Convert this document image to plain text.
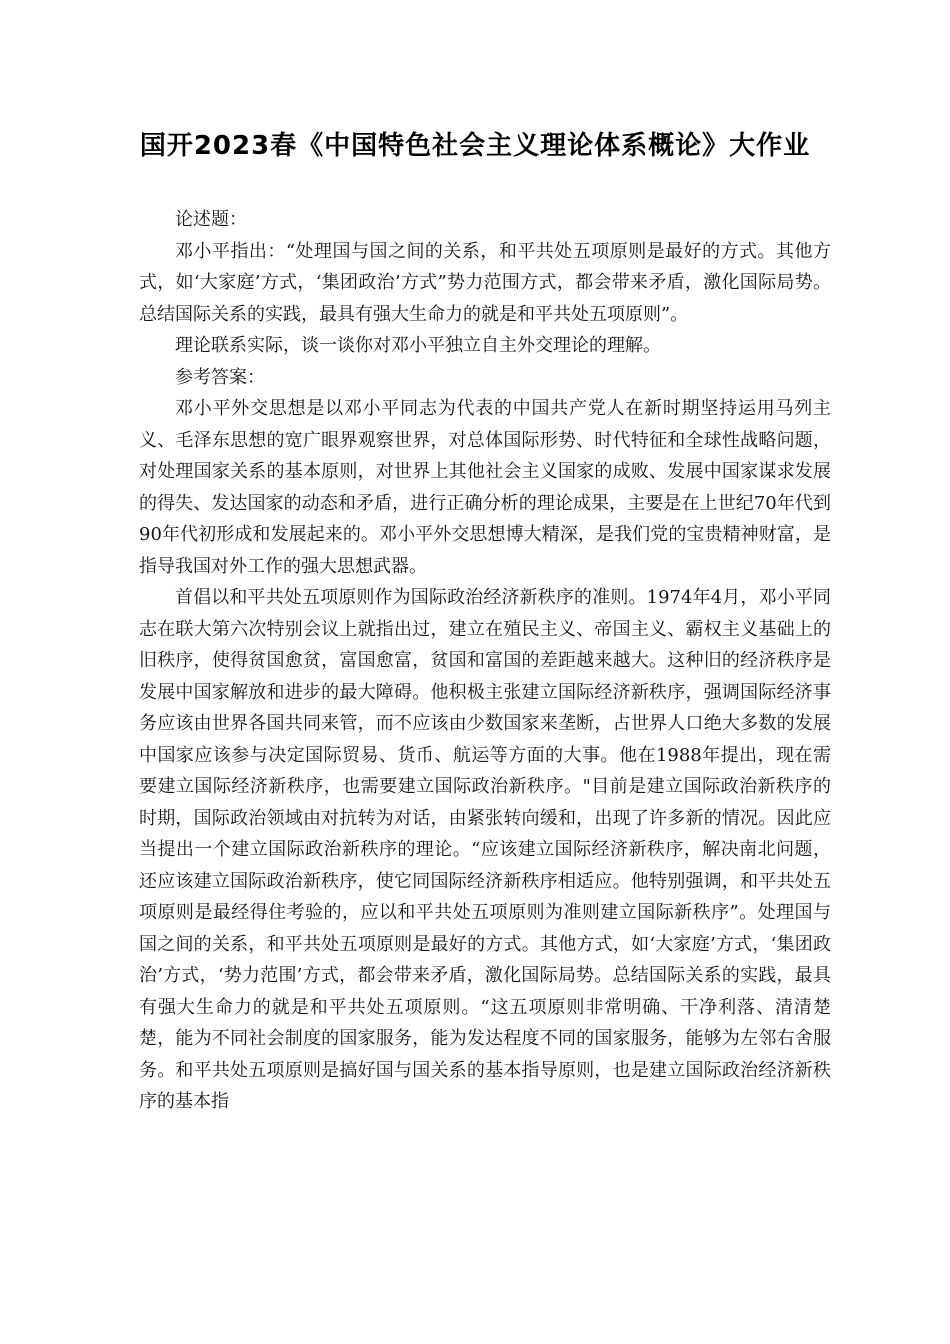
国开2023春《中国特色社会主义理论体系概论》大作业

论述题：

邓小平指出：“处理国与国之间的关系，和平共处五项原则是最好的方式。其他方式，如‘大家庭’方式，‘集团政治’方式”势力范围方式，都会带来矛盾，激化国际局势。总结国际关系的实践，最具有强大生命力的就是和平共处五项原则”。

理论联系实际，谈一谈你对邓小平独立自主外交理论的理解。

参考答案：

邓小平外交思想是以邓小平同志为代表的中国共产党人在新时期坚持运用马列主义、毛泽东思想的宽广眼界观察世界，对总体国际形势、时代特征和全球性战略问题，对处理国家关系的基本原则，对世界上其他社会主义国家的成败、发展中国家谋求发展的得失、发达国家的动态和矛盾，进行正确分析的理论成果，主要是在上世纪70年代到90年代初形成和发展起来的。邓小平外交思想博大精深，是我们党的宝贵精神财富，是指导我国对外工作的强大思想武器。

首倡以和平共处五项原则作为国际政治经济新秩序的准则。1974年4月，邓小平同志在联大第六次特别会议上就指出过，建立在殖民主义、帝国主义、霸权主义基础上的旧秩序，使得贫国愈贫，富国愈富，贫国和富国的差距越来越大。这种旧的经济秩序是发展中国家解放和进步的最大障碍。他积极主张建立国际经济新秩序，强调国际经济事务应该由世界各国共同来管，而不应该由少数国家来垄断，占世界人口绝大多数的发展中国家应该参与决定国际贸易、货币、航运等方面的大事。他在1988年提出，现在需要建立国际经济新秩序，也需要建立国际政治新秩序。"目前是建立国际政治新秩序的时期，国际政治领域由对抗转为对话，由紧张转向缓和，出现了许多新的情况。因此应当提出一个建立国际政治新秩序的理论。“应该建立国际经济新秩序，解决南北问题，还应该建立国际政治新秩序，使它同国际经济新秩序相适应。他特别强调，和平共处五项原则是最经得住考验的，应以和平共处五项原则为准则建立国际新秩序”。处理国与国之间的关系，和平共处五项原则是最好的方式。其他方式，如‘大家庭’方式，‘集团政治’方式，‘势力范围’方式，都会带来矛盾，激化国际局势。总结国际关系的实践，最具有强大生命力的就是和平共处五项原则。“这五项原则非常明确、干净利落、清清楚楚，能为不同社会制度的国家服务，能为发达程度不同的国家服务，能够为左邻右舍服务。和平共处五项原则是搞好国与国关系的基本指导原则，也是建立国际政治经济新秩序的基本指
